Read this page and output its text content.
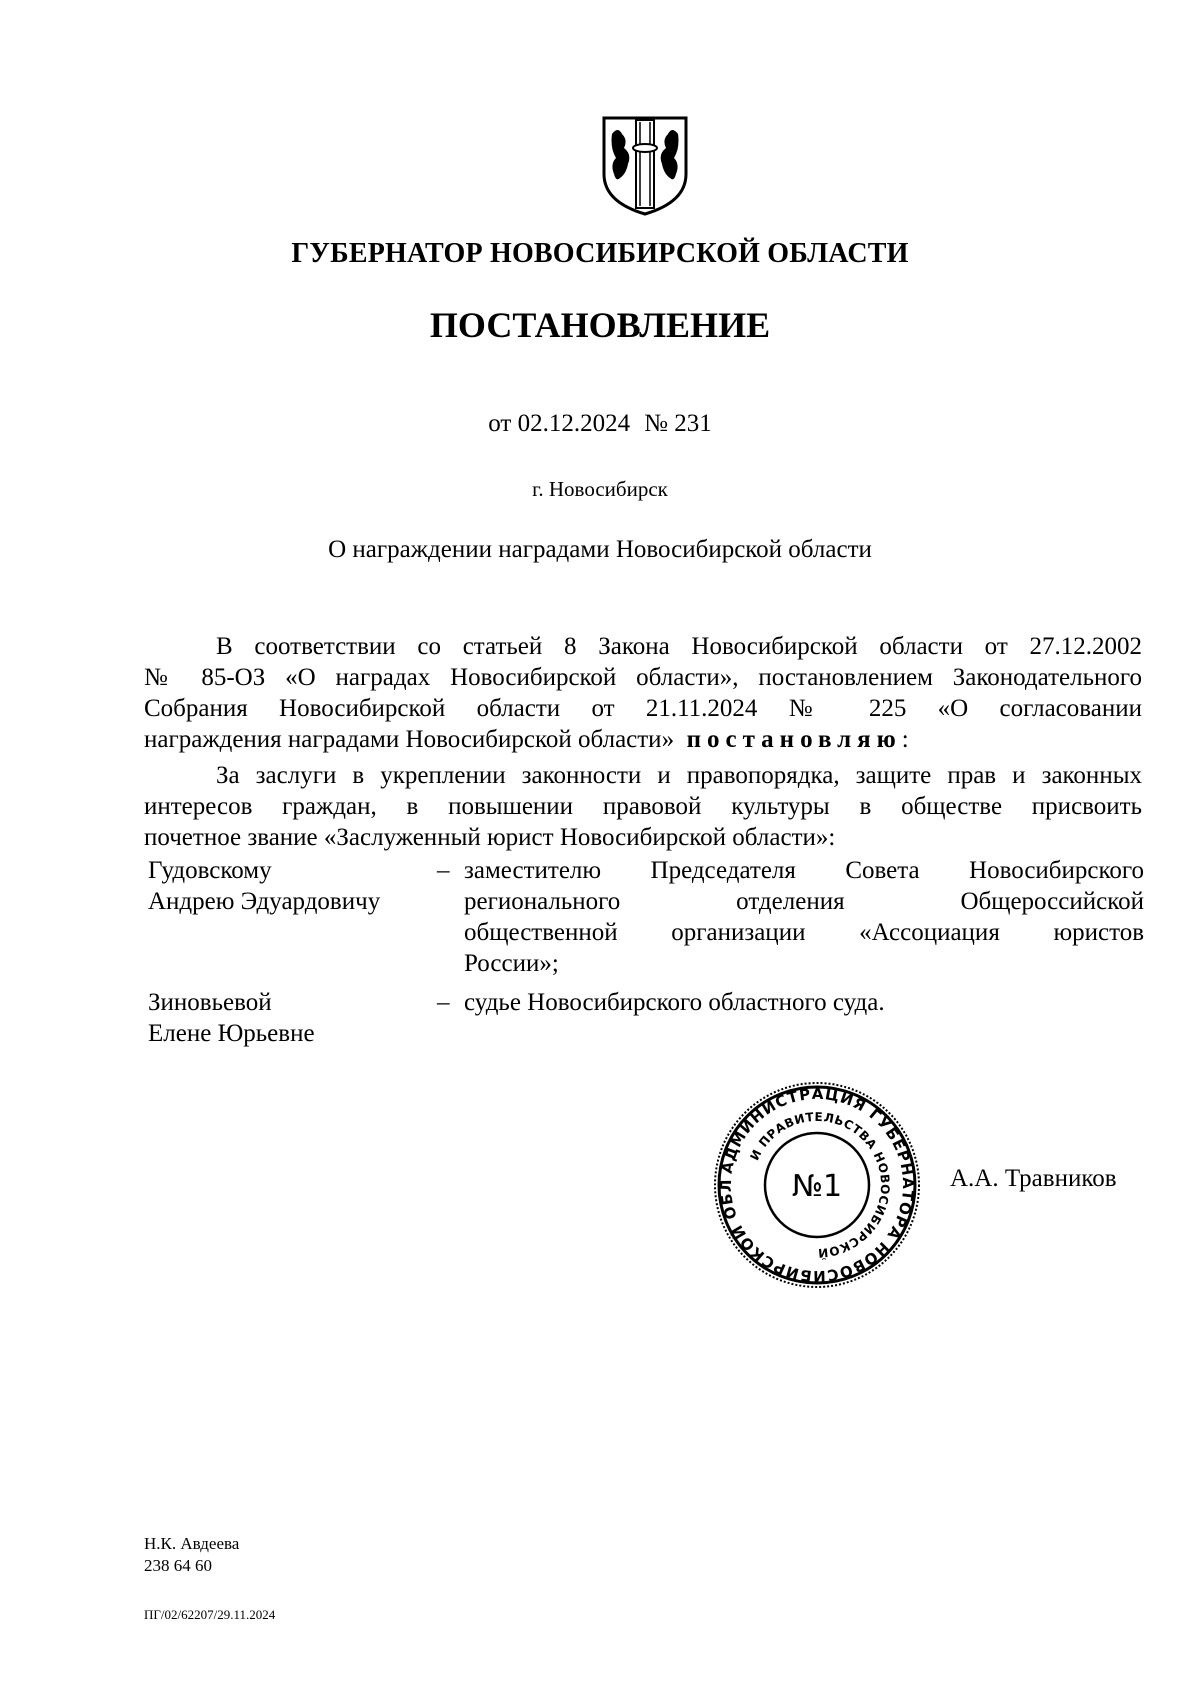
ГУБЕРНАТОР НОВОСИБИРСКОЙ ОБЛАСТИ
ПОСТАНОВЛЕНИЕ
от 02.12.2024 № 231
г. Новосибирск
О награждении наградами Новосибирской области
В соответствии со статьей 8 Закона Новосибирской области от 27.12.2002
№ 85-ОЗ «О наградах Новосибирской области», постановлением Законодательного
Собрания Новосибирской области от 21.11.2024 № 225 «О согласовании
награждения наградами Новосибирской области» постановляю:
За заслуги в укреплении законности и правопорядка, защите прав и законных
интересов граждан, в повышении правовой культуры в обществе присвоить
почетное звание «Заслуженный юрист Новосибирской области»:
Гудовскому
Андрею Эдуардовичу
– заместителю Председателя Совета Новосибирского
регионального отделения Общероссийской
общественной организации «Ассоциация юристов
России»;
Зиновьевой
Елене Юрьевне
– судье Новосибирского областного суда.
АДМИНИСТРАЦИЯ ГУБЕРНАТОРА НОВОСИБИРСКОЙ ОБЛ
И ПРАВИТЕЛЬСТВА НОВОСИБИРСКОЙ
№1	А.А. Травников
Н.К. Авдеева
238 64 60
ПГ/02/62207/29.11.2024
